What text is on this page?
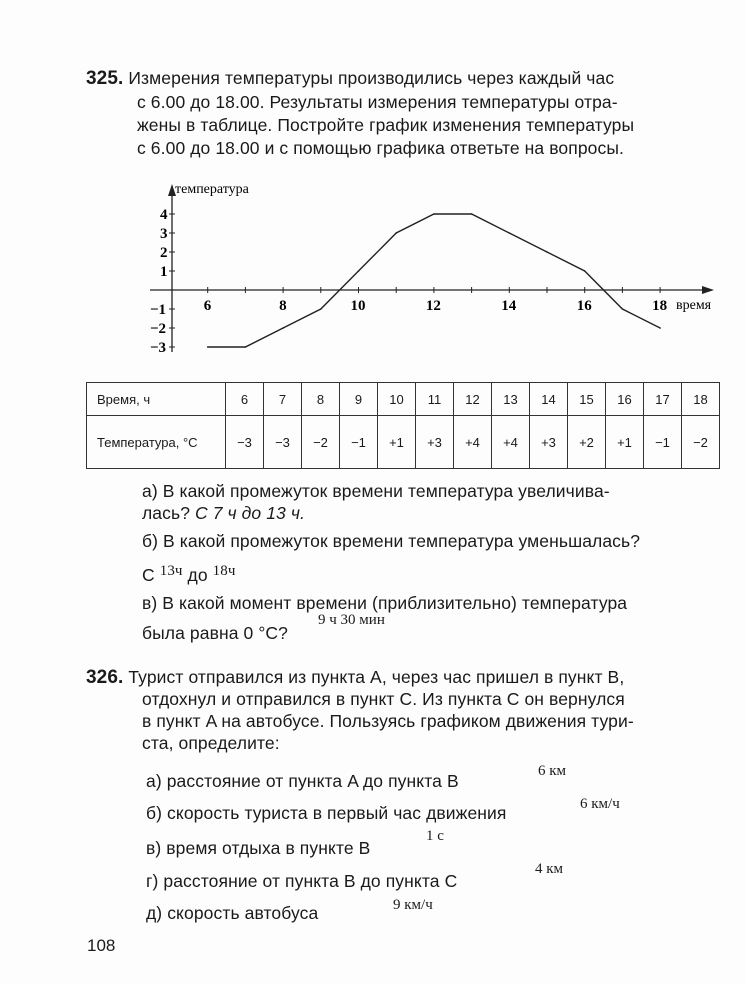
325. Измерения температуры производились через каждый час
с 6.00 до 18.00. Результаты измерения температуры отра-
жены в таблице. Постройте график изменения температуры
с 6.00 до 18.00 и с помощью графика ответьте на вопросы.
температура
время
6	8	10	12	14	16	18
4
3
2
1
−1
−2
−3
Время, ч	6	7	8	9	10	11	12	13	14	15	16	17	18
Температура, °C	−3	−3	−2	−1	+1	+3	+4	+4	+3	+2	+1	−1	−2
а) В какой промежуток времени температура увеличива-
лась? С 7 ч до 13 ч.
б) В какой промежуток времени температура уменьшалась?
С 13ч до 18ч
в) В какой момент времени (приблизительно) температура
была равна 0 °C?
9 ч 30 мин
326. Турист отправился из пункта A, через час пришел в пункт B,
отдохнул и отправился в пункт C. Из пункта C он вернулся
в пункт A на автобусе. Пользуясь графиком движения тури-
ста, определите:
а) расстояние от пункта A до пункта B	6 км
б) скорость туриста в первый час движения	6 км/ч
в) время отдыха в пункте B
1 с
г) расстояние от пункта B до пункта C
4 км
д) скорость автобуса	9 км/ч
108
